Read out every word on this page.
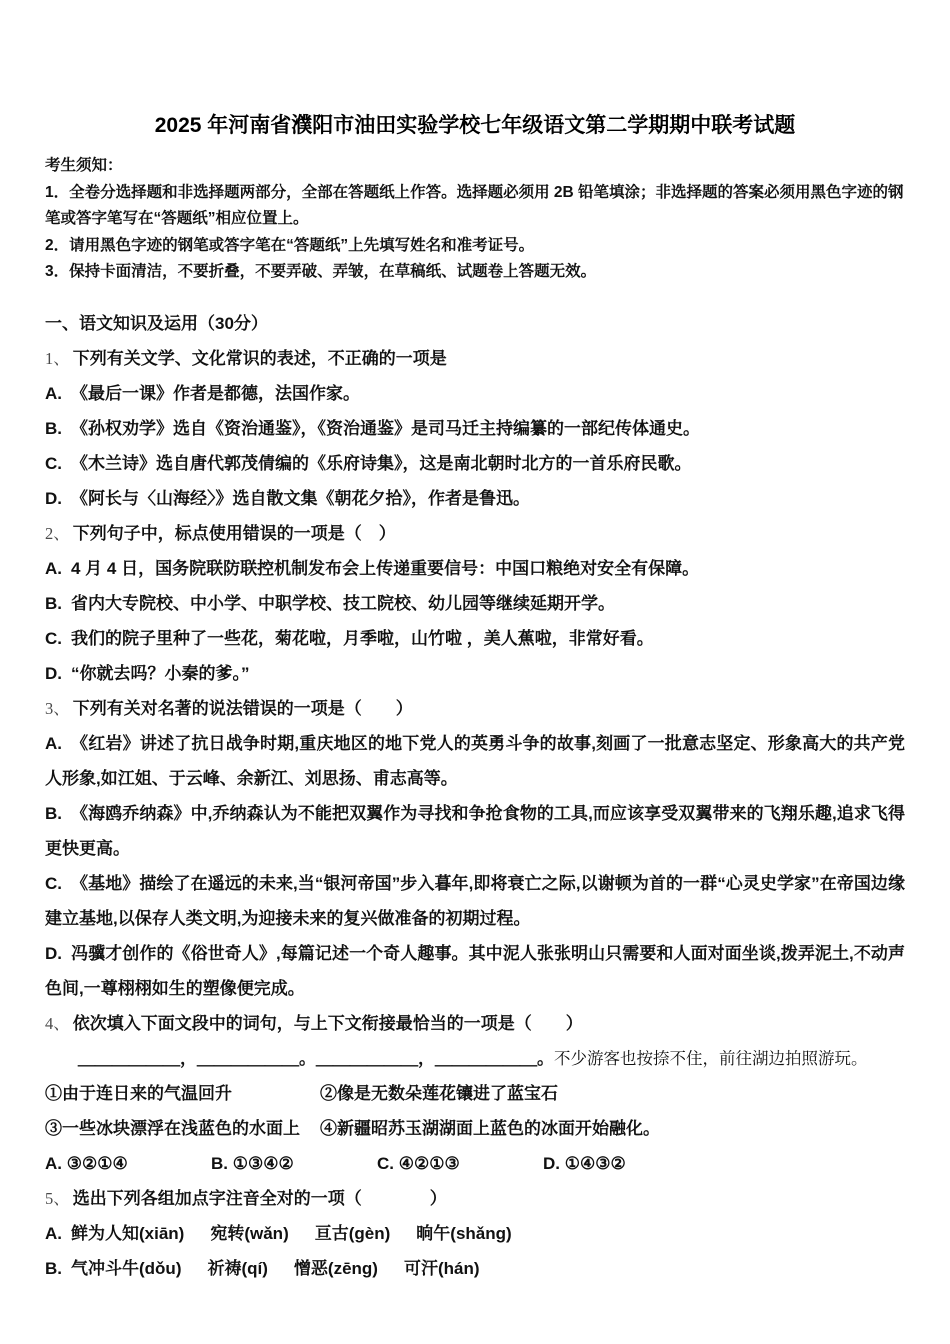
2025 年河南省濮阳市油田实验学校七年级语文第二学期期中联考试题
考生须知：
1．全卷分选择题和非选择题两部分，全部在答题纸上作答。选择题必须用 2B 铅笔填涂；非选择题的答案必须用黑色字迹的钢笔或答字笔写在“答题纸”相应位置上。
2．请用黑色字迹的钢笔或答字笔在“答题纸”上先填写姓名和准考证号。
3．保持卡面清洁，不要折叠，不要弄破、弄皱，在草稿纸、试题卷上答题无效。
一、语文知识及运用（30分）
1、 下列有关文学、文化常识的表述，不正确的一项是
A. 《最后一课》作者是都德，法国作家。
B. 《孙权劝学》选自《资治通鉴》，《资治通鉴》是司马迁主持编纂的一部纪传体通史。
C. 《木兰诗》选自唐代郭茂倩编的《乐府诗集》，这是南北朝时北方的一首乐府民歌。
D. 《阿长与〈山海经〉》选自散文集《朝花夕拾》，作者是鲁迅。
2、 下列句子中，标点使用错误的一项是（　）
A. 4 月 4 日，国务院联防联控机制发布会上传递重要信号：中国口粮绝对安全有保障。
B. 省内大专院校、中小学、中职学校、技工院校、幼儿园等继续延期开学。
C. 我们的院子里种了一些花，菊花啦，月季啦，山竹啦 ，美人蕉啦，非常好看。
D. “你就去吗？小秦的爹。”
3、 下列有关对名著的说法错误的一项是（　　）
A. 《红岩》讲述了抗日战争时期,重庆地区的地下党人的英勇斗争的故事,刻画了一批意志坚定、形象高大的共产党人形象,如江姐、于云峰、余新江、刘思扬、甫志高等。
B. 《海鸥乔纳森》中,乔纳森认为不能把双翼作为寻找和争抢食物的工具,而应该享受双翼带来的飞翔乐趣,追求飞得更快更高。
C. 《基地》描绘了在遥远的未来,当“银河帝国”步入暮年,即将衰亡之际,以谢顿为首的一群“心灵史学家”在帝国边缘建立基地,以保存人类文明,为迎接未来的复兴做准备的初期过程。
D. 冯骥才创作的《俗世奇人》,每篇记述一个奇人趣事。其中泥人张张明山只需要和人面对面坐谈,拨弄泥土,不动声色间,一尊栩栩如生的塑像便完成。
4、 依次填入下面文段中的词句，与上下文衔接最恰当的一项是（　　）
＿＿＿＿＿＿，＿＿＿＿＿＿。＿＿＿＿＿＿，＿＿＿＿＿＿。不少游客也按捺不住，前往湖边拍照游玩。
①由于连日来的气温回升	②像是无数朵莲花镶进了蓝宝石
③一些冰块漂浮在浅蓝色的水面上 ④新疆昭苏玉湖湖面上蓝色的冰面开始融化。
A. ③②①④	B. ①③④②	C. ④②①③	D. ①④③②
5、 选出下列各组加点字注音全对的一项（　　　　）
A. 鲜为人知(xiān) 宛转(wǎn) 亘古(gèn) 晌午(shǎng)
B. 气冲斗牛(dǒu) 祈祷(qí) 憎恶(zēng) 可汗(hán)
